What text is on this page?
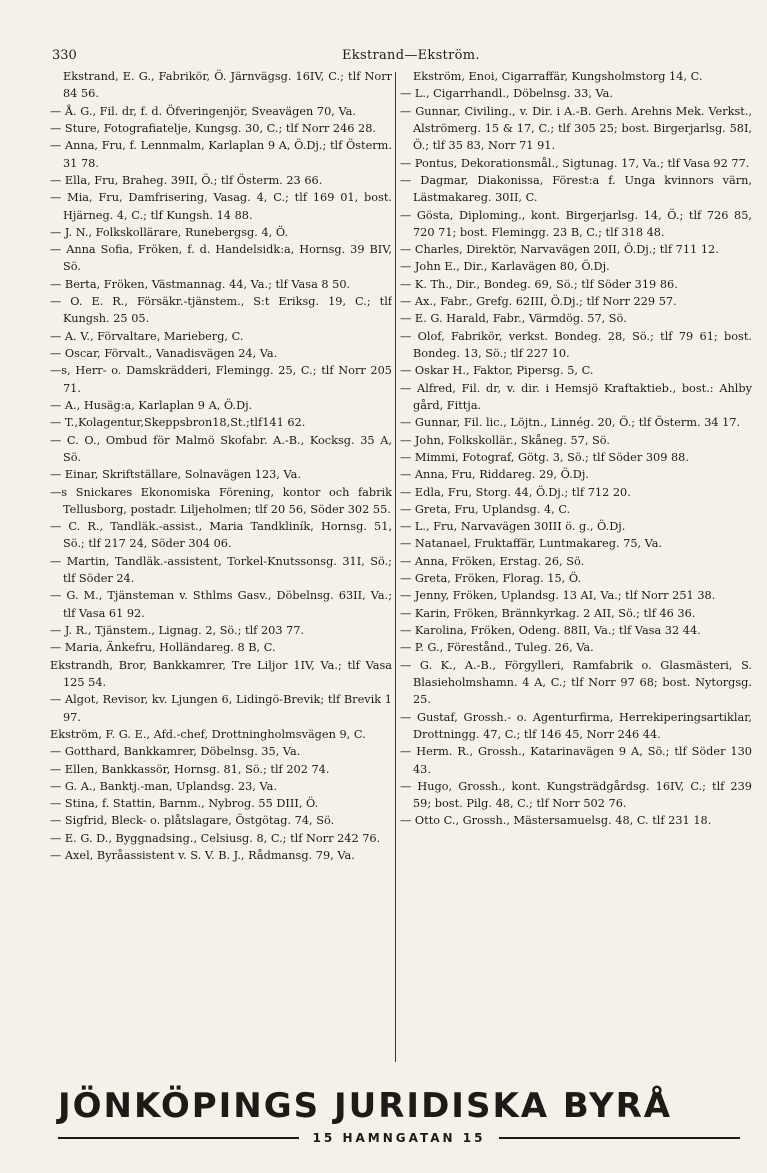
330	Ekstrand—Ekström.

Ekstrand, E. G., Fabrikör, Ö. Järnvägsg. 16IV, C.; tlf Norr 84 56.

— Å. G., Fil. dr, f. d. Öfveringenjör, Sveavägen 70, Va.

— Sture, Fotografiatelje, Kungsg. 30, C.; tlf Norr 246 28.

— Anna, Fru, f. Lennmalm, Karlaplan 9 A, Ö.Dj.; tlf Österm. 31 78.

— Ella, Fru, Braheg. 39II, Ö.; tlf Österm. 23 66.

— Mia, Fru, Damfrisering, Vasag. 4, C.; tlf 169 01, bost. Hjärneg. 4, C.; tlf Kungsh. 14 88.

— J. N., Folkskollärare, Runebergsg. 4, Ö.

— Anna Sofia, Fröken, f. d. Handelsidk:a, Hornsg. 39 BIV, Sö.

— Berta, Fröken, Västmannag. 44, Va.; tlf Vasa 8 50.

— O. E. R., Försäkr.-tjänstem., S:t Eriksg. 19, C.; tlf Kungsh. 25 05.

— A. V., Förvaltare, Marieberg, C.

— Oscar, Förvalt., Vanadisvägen 24, Va.

—s, Herr- o. Damskrädderi, Flemingg. 25, C.; tlf Norr 205 71.

— A., Husäg:a, Karlaplan 9 A, Ö.Dj.

— T.,Kolagentur,Skeppsbron18,St.;tlf141 62.

— C. O., Ombud för Malmö Skofabr. A.-B., Kocksg. 35 A, Sö.

— Einar, Skriftställare, Solnavägen 123, Va.

—s Snickares Ekonomiska Förening, kontor och fabrik Tellusborg, postadr. Liljeholmen; tlf 20 56, Söder 302 55.

— C. R., Tandläk.-assist., Maria Tandkliník, Hornsg. 51, Sö.; tlf 217 24, Söder 304 06.

— Martin, Tandläk.-assistent, Torkel-Knutssonsg. 31I, Sö.; tlf Söder 24.

— G. M., Tjänsteman v. Sthlms Gasv., Döbelnsg. 63II, Va.; tlf Vasa 61 92.

— J. R., Tjänstem., Lignag. 2, Sö.; tlf 203 77.

— Maria, Änkefru, Holländareg. 8 B, C.

Ekstrandh, Bror, Bankkamrer, Tre Liljor 1IV, Va.; tlf Vasa 125 54.

— Algot, Revisor, kv. Ljungen 6, Lidingö-Brevik; tlf Brevik 1 97.

Ekström, F. G. E., Afd.-chef, Drottningholmsvägen 9, C.

— Gotthard, Bankkamrer, Döbelnsg. 35, Va.

— Ellen, Bankkassör, Hornsg. 81, Sö.; tlf 202 74.

— G. A., Banktj.-man, Uplandsg. 23, Va.

— Stina, f. Stattin, Barnm., Nybrog. 55 DIII, Ö.

— Sigfrid, Bleck- o. plåtslagare, Östgötag. 74, Sö.

— E. G. D., Byggnadsing., Celsiusg. 8, C.; tlf Norr 242 76.

— Axel, Byråassistent v. S. V. B. J., Rådmansg. 79, Va.

Ekström, Enoi, Cigarraffär, Kungsholmstorg 14, C.

— L., Cigarrhandl., Döbelnsg. 33, Va.

— Gunnar, Civiling., v. Dir. i A.-B. Gerh. Arehns Mek. Verkst., Alströmerg. 15 & 17, C.; tlf 305 25; bost. Birgerjarlsg. 58I, Ö.; tlf 35 83, Norr 71 91.

— Pontus, Dekorationsmål., Sigtunag. 17, Va.; tlf Vasa 92 77.

— Dagmar, Diakonissa, Förest:a f. Unga kvinnors värn, Lästmakareg. 30II, C.

— Gösta, Diploming., kont. Birgerjarlsg. 14, Ö.; tlf 726 85, 720 71; bost. Flemingg. 23 B, C.; tlf 318 48.

— Charles, Direktör, Narvavägen 20II, Ö.Dj.; tlf 711 12.

— John E., Dir., Karlavägen 80, Ö.Dj.

— K. Th., Dir., Bondeg. 69, Sö.; tlf Söder 319 86.

— Ax., Fabr., Grefg. 62III, Ö.Dj.; tlf Norr 229 57.

— E. G. Harald, Fabr., Värmdög. 57, Sö.

— Olof, Fabrikör, verkst. Bondeg. 28, Sö.; tlf 79 61; bost. Bondeg. 13, Sö.; tlf 227 10.

— Oskar H., Faktor, Pipersg. 5, C.

— Alfred, Fil. dr, v. dir. i Hemsjö Kraftaktieb., bost.: Ahlby gård, Fittja.

— Gunnar, Fil. lic., Löjtn., Linnég. 20, Ö.; tlf Österm. 34 17.

— John, Folkskollär., Skåneg. 57, Sö.

— Mimmi, Fotograf, Götg. 3, Sö.; tlf Söder 309 88.

— Anna, Fru, Riddareg. 29, Ö.Dj.

— Edla, Fru, Storg. 44, Ö.Dj.; tlf 712 20.

— Greta, Fru, Uplandsg. 4, C.

— L., Fru, Narvavägen 30III ö. g., Ö.Dj.

— Natanael, Fruktaffär, Luntmakareg. 75, Va.

— Anna, Fröken, Erstag. 26, Sö.

— Greta, Fröken, Florag. 15, Ö.

— Jenny, Fröken, Uplandsg. 13 AI, Va.; tlf Norr 251 38.

— Karin, Fröken, Brännkyrkag. 2 AII, Sö.; tlf 46 36.

— Karolina, Fröken, Odeng. 88II, Va.; tlf Vasa 32 44.

— P. G., Förestånd., Tuleg. 26, Va.

— G. K., A.-B., Förgylleri, Ramfabrik o. Glasmästeri, S. Blasieholmshamn. 4 A, C.; tlf Norr 97 68; bost. Nytorgsg. 25.

— Gustaf, Grossh.- o. Agenturfirma, Herrekiperingsartiklar, Drottningg. 47, C.; tlf 146 45, Norr 246 44.

— Herm. R., Grossh., Katarinavägen 9 A, Sö.; tlf Söder 130 43.

— Hugo, Grossh., kont. Kungsträdgårdsg. 16IV, C.; tlf 239 59; bost. Pilg. 48, C.; tlf Norr 502 76.

— Otto C., Grossh., Mästersamuelsg. 48, C. tlf 231 18.

JÖNKÖPINGS JURIDISKA BYRÅ
15 HAMNGATAN 15
